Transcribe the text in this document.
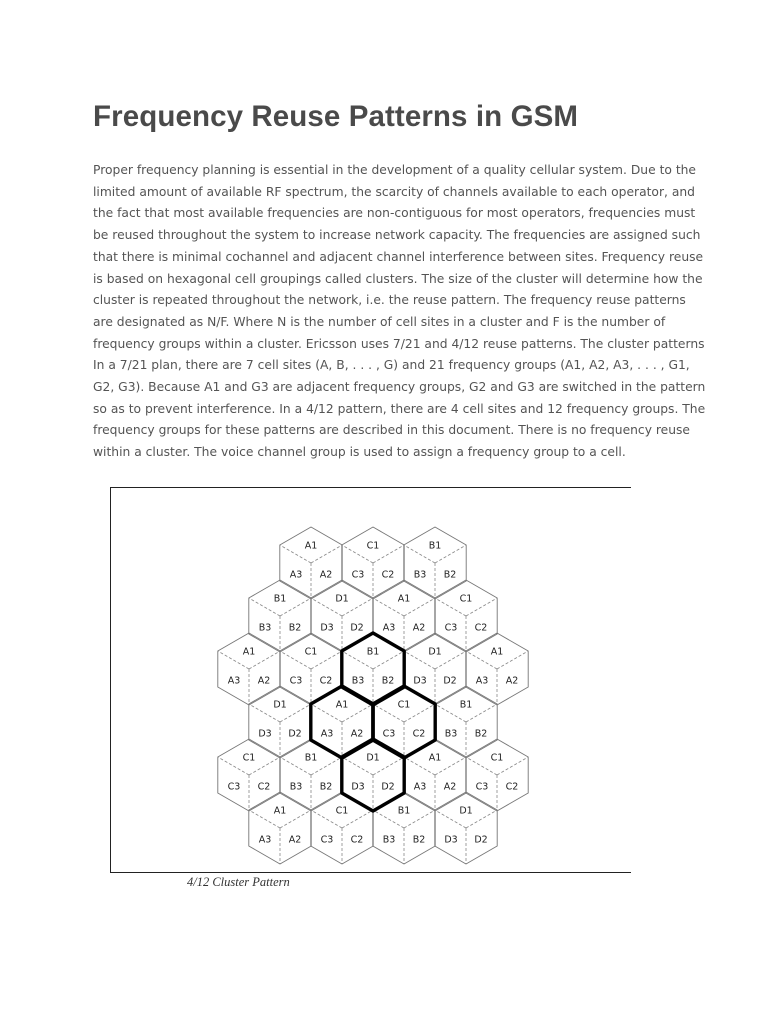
Frequency Reuse Patterns in GSM
Proper frequency planning is essential in the development of a quality cellular system. Due to the
limited amount of available RF spectrum, the scarcity of channels available to each operator, and
the fact that most available frequencies are non-contiguous for most operators, frequencies must
be reused throughout the system to increase network capacity. The frequencies are assigned such
that there is minimal cochannel and adjacent channel interference between sites. Frequency reuse
is based on hexagonal cell groupings called clusters. The size of the cluster will determine how the
cluster is repeated throughout the network, i.e. the reuse pattern. The frequency reuse patterns
are designated as N/F. Where N is the number of cell sites in a cluster and F is the number of
frequency groups within a cluster. Ericsson uses 7/21 and 4/12 reuse patterns. The cluster patterns
In a 7/21 plan, there are 7 cell sites (A, B, . . . , G) and 21 frequency groups (A1, A2, A3, . . . , G1,
G2, G3). Because A1 and G3 are adjacent frequency groups, G2 and G3 are switched in the pattern
so as to prevent interference. In a 4/12 pattern, there are 4 cell sites and 12 frequency groups. The
frequency groups for these patterns are described in this document. There is no frequency reuse
within a cluster. The voice channel group is used to assign a frequency group to a cell.
A1
A3 A2
C1
C3 C2
B1
B3 B2
B1
B3 B2
D1
D3 D2
A1
A3 A2
C1
C3 C2
A1
A3 A2
C1
C3 C2
B1
B3 B2
D1
D3 D2
A1
A3 A2
D1
D3 D2
A1
A3 A2
C1
C3 C2
B1
B3 B2
C1
C3 C2
B1
B3 B2
D1
D3 D2
A1
A3 A2
C1
C3 C2
A1
A3 A2
C1
C3 C2
B1
B3 B2
D1
D3 D2
4/12 Cluster Pattern
